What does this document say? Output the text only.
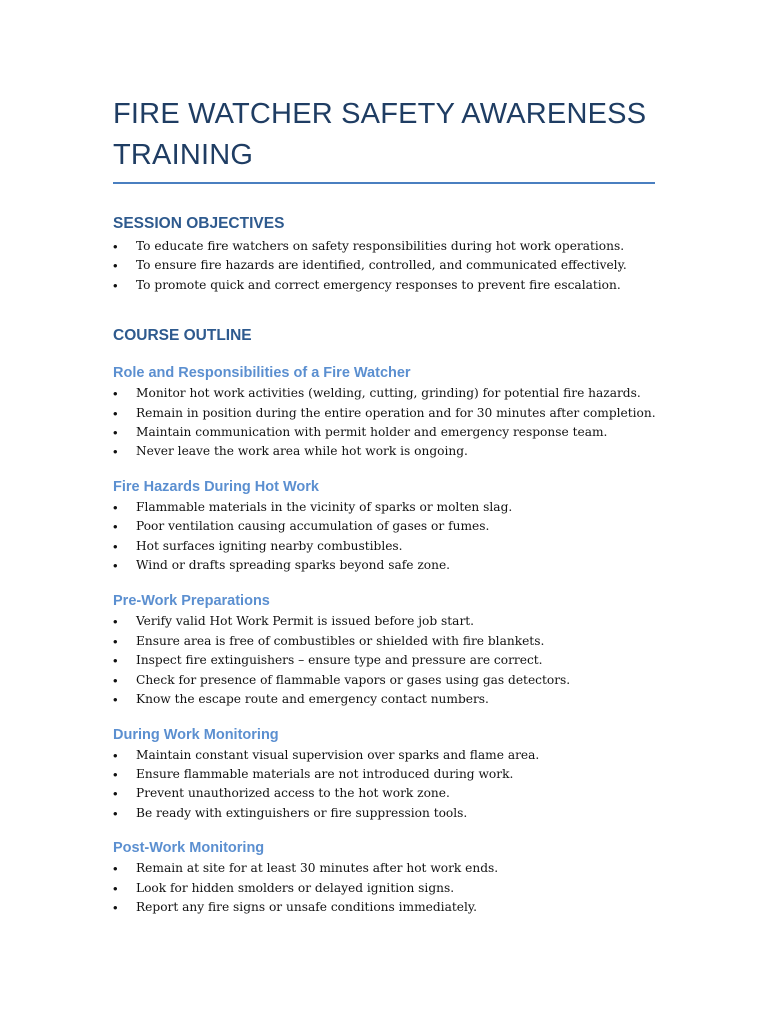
FIRE WATCHER SAFETY AWARENESS
TRAINING
SESSION OBJECTIVES
• To educate fire watchers on safety responsibilities during hot work operations.
• To ensure fire hazards are identified, controlled, and communicated effectively.
• To promote quick and correct emergency responses to prevent fire escalation.
COURSE OUTLINE
Role and Responsibilities of a Fire Watcher
• Monitor hot work activities (welding, cutting, grinding) for potential fire hazards.
• Remain in position during the entire operation and for 30 minutes after completion.
• Maintain communication with permit holder and emergency response team.
• Never leave the work area while hot work is ongoing.
Fire Hazards During Hot Work
• Flammable materials in the vicinity of sparks or molten slag.
• Poor ventilation causing accumulation of gases or fumes.
• Hot surfaces igniting nearby combustibles.
• Wind or drafts spreading sparks beyond safe zone.
Pre-Work Preparations
• Verify valid Hot Work Permit is issued before job start.
• Ensure area is free of combustibles or shielded with fire blankets.
• Inspect fire extinguishers – ensure type and pressure are correct.
• Check for presence of flammable vapors or gases using gas detectors.
• Know the escape route and emergency contact numbers.
During Work Monitoring
• Maintain constant visual supervision over sparks and flame area.
• Ensure flammable materials are not introduced during work.
• Prevent unauthorized access to the hot work zone.
• Be ready with extinguishers or fire suppression tools.
Post-Work Monitoring
• Remain at site for at least 30 minutes after hot work ends.
• Look for hidden smolders or delayed ignition signs.
• Report any fire signs or unsafe conditions immediately.
